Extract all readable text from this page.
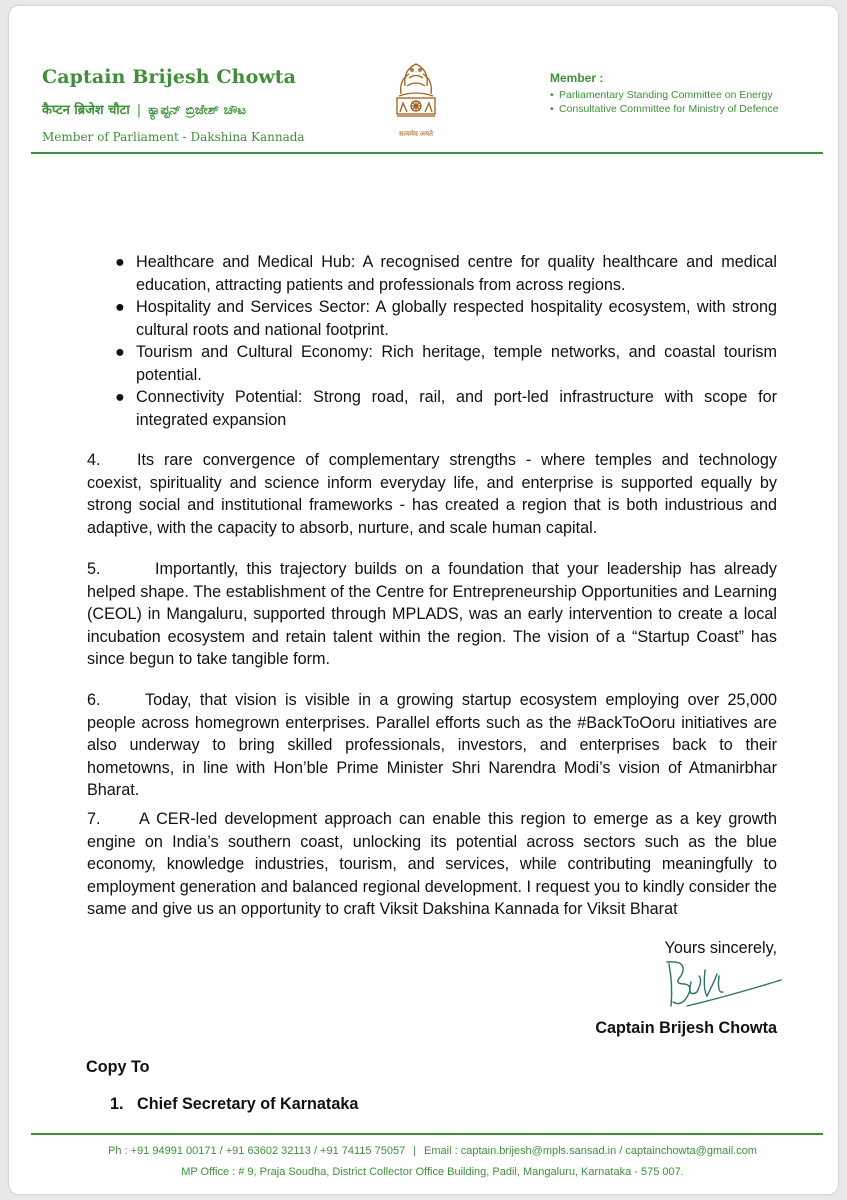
Captain Brijesh Chowta
कैप्टन ब्रिजेश चौटा | ಕ್ಯಾಪ್ಟನ್ ಬ್ರಿಜೇಶ್ ಚೌಟ
Member of Parliament - Dakshina Kannada	सत्यमेव जयते
Member :
• Parliamentary Standing Committee on Energy
• Consultative Committee for Ministry of Defence
● Healthcare and Medical Hub: A recognised centre for quality healthcare and medical education, attracting patients and professionals from across regions.
● Hospitality and Services Sector: A globally respected hospitality ecosystem, with strong cultural roots and national footprint.
● Tourism and Cultural Economy: Rich heritage, temple networks, and coastal tourism potential.
● Connectivity Potential: Strong road, rail, and port-led infrastructure with scope for integrated expansion
4. Its rare convergence of complementary strengths - where temples and technology coexist, spirituality and science inform everyday life, and enterprise is supported equally by strong social and institutional frameworks - has created a region that is both industrious and adaptive, with the capacity to absorb, nurture, and scale human capital.
5.	Importantly, this trajectory builds on a foundation that your leadership has already helped shape. The establishment of the Centre for Entrepreneurship Opportunities and Learning (CEOL) in Mangaluru, supported through MPLADS, was an early intervention to create a local incubation ecosystem and retain talent within the region. The vision of a “Startup Coast” has since begun to take tangible form.
6.	Today, that vision is visible in a growing startup ecosystem employing over 25,000 people across homegrown enterprises. Parallel efforts such as the #BackToOoru initiatives are also underway to bring skilled professionals, investors, and enterprises back to their hometowns, in line with Hon’ble Prime Minister Shri Narendra Modi’s vision of Atmanirbhar Bharat.
7. A CER-led development approach can enable this region to emerge as a key growth engine on India’s southern coast, unlocking its potential across sectors such as the blue economy, knowledge industries, tourism, and services, while contributing meaningfully to employment generation and balanced regional development. I request you to kindly consider the same and give us an opportunity to craft Viksit Dakshina Kannada for Viksit Bharat
Yours sincerely,
Captain Brijesh Chowta
Copy To
1. Chief Secretary of Karnataka
Ph : +91 94991 00171 / +91 63602 32113 / +91 74115 75057 | Email : captain.brijesh@mpls.sansad.in / captainchowta@gmail.com
MP Office : # 9, Praja Soudha, District Collector Office Building, Padil, Mangaluru, Karnataka - 575 007.
